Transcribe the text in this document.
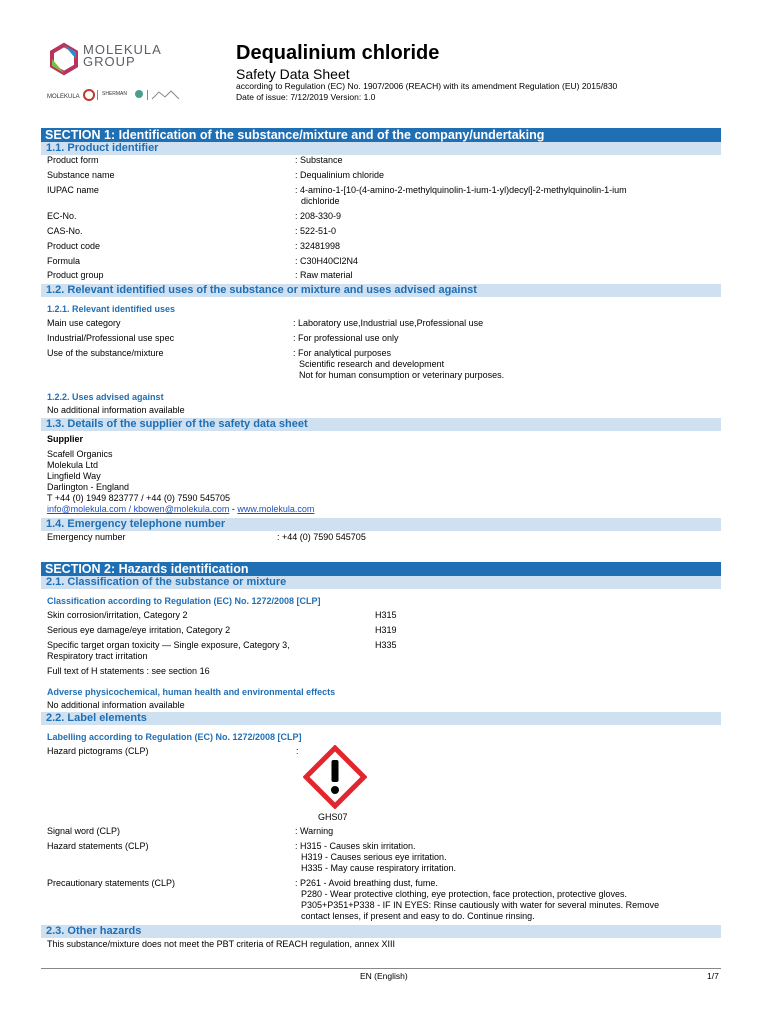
MOLEKULA GROUP
MOLEKULA	SHERMAN
Dequalinium chloride
Safety Data Sheet
according to Regulation (EC) No. 1907/2006 (REACH) with its amendment Regulation (EU) 2015/830
Date of issue: 7/12/2019 Version: 1.0
SECTION 1: Identification of the substance/mixture and of the company/undertaking
1.1. Product identifier
Product form	: Substance
Substance name	: Dequalinium chloride
IUPAC name	: 4-amino-1-[10-(4-amino-2-methylquinolin-1-ium-1-yl)decyl]-2-methylquinolin-1-ium
dichloride
EC-No.	: 208-330-9
CAS-No.	: 522-51-0
Product code	: 32481998
Formula	: C30H40Cl2N4
Product group	: Raw material
1.2. Relevant identified uses of the substance or mixture and uses advised against
1.2.1. Relevant identified uses
Main use category	: Laboratory use,Industrial use,Professional use
Industrial/Professional use spec	: For professional use only
Use of the substance/mixture	: For analytical purposes
Scientific research and development
Not for human consumption or veterinary purposes.
1.2.2. Uses advised against
No additional information available
1.3. Details of the supplier of the safety data sheet
Supplier
Scafell Organics
Molekula Ltd
Lingfield Way
Darlington - England
T +44 (0) 1949 823777 / +44 (0) 7590 545705
info@molekula.com / kbowen@molekula.com - www.molekula.com
1.4. Emergency telephone number
Emergency number	: +44 (0) 7590 545705
SECTION 2: Hazards identification
2.1. Classification of the substance or mixture
Classification according to Regulation (EC) No. 1272/2008 [CLP]
Skin corrosion/irritation, Category 2	H315
Serious eye damage/eye irritation, Category 2	H319
Specific target organ toxicity — Single exposure, Category 3,
Respiratory tract irritation
H335
Full text of H statements : see section 16
Adverse physicochemical, human health and environmental effects
No additional information available
2.2. Label elements
Labelling according to Regulation (EC) No. 1272/2008 [CLP]
Hazard pictograms (CLP)	:
GHS07
Signal word (CLP)	: Warning
Hazard statements (CLP)	: H315 - Causes skin irritation.
H319 - Causes serious eye irritation.
H335 - May cause respiratory irritation.
Precautionary statements (CLP)	: P261 - Avoid breathing dust, fume.
P280 - Wear protective clothing, eye protection, face protection, protective gloves.
P305+P351+P338 - IF IN EYES: Rinse cautiously with water for several minutes. Remove
contact lenses, if present and easy to do. Continue rinsing.
2.3. Other hazards
This substance/mixture does not meet the PBT criteria of REACH regulation, annex XIII
EN (English)	1/7
